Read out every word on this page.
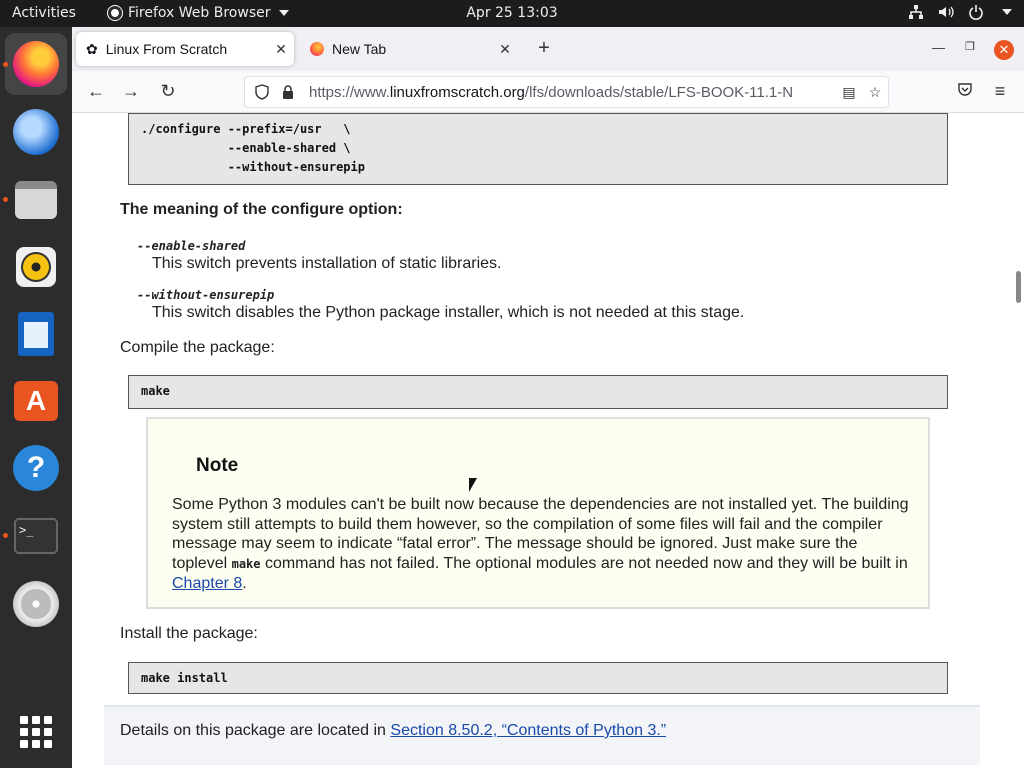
Activities	Firefox Web Browser	Apr 25 13:03
A
?
>_
✿ Linux From Scratch	✕	New Tab	✕	+	— ❐	✕
← → ↻	https://www.linuxfromscratch.org/lfs/downloads/stable/LFS-BOOK-11.1-N	▤ ☆	≡
./configure --prefix=/usr   \
--enable-shared \
--without-ensurepip
The meaning of the configure option:
--enable-shared
This switch prevents installation of static libraries.
--without-ensurepip
This switch disables the Python package installer, which is not needed at this stage.
Compile the package:
make
Note

Some Python 3 modules can't be built now because the dependencies are not installed yet. The building system still attempts to build them however, so the compilation of some files will fail and the compiler message may seem to indicate “fatal error”. The message should be ignored. Just make sure the toplevel make command has not failed. The optional modules are not needed now and they will be built in Chapter 8.

Install the package:
make install
Details on this package are located in Section 8.50.2, “Contents of Python 3.”
